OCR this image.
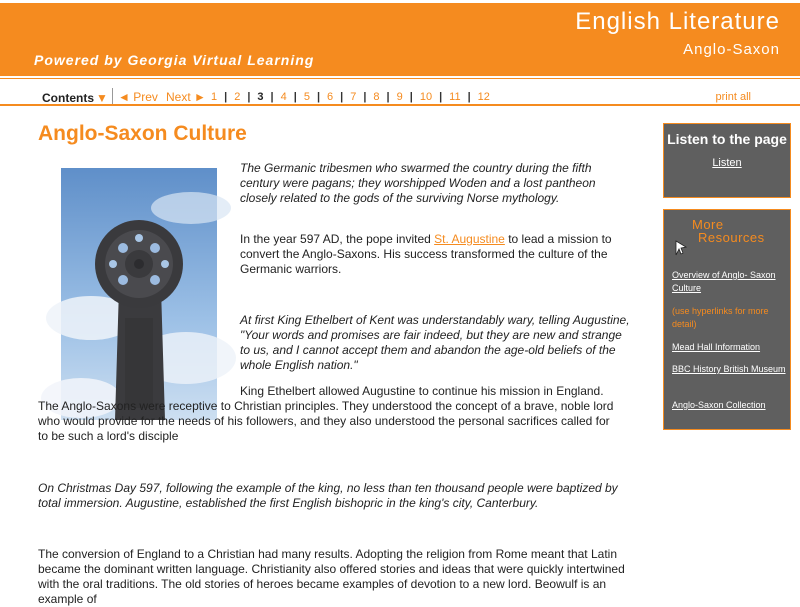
Powered by Georgia Virtual Learning
English Literature
Anglo-Saxon
Contents ▼ ◄ Prev Next ► 1 | 2 | 3 | 4 | 5 | 6 | 7 | 8 | 9 | 10 | 11 | 12	print all
Anglo-Saxon Culture

The Germanic tribesmen who swarmed the country during the fifth century were pagans; they worshipped Woden and a lost pantheon closely related to the gods of the surviving Norse mythology.

In the year 597 AD, the pope invited St. Augustine to lead a mission to convert the Anglo-Saxons. His success transformed the culture of the Germanic warriors.

At first King Ethelbert of Kent was understandably wary, telling Augustine, "Your words and promises are fair indeed, but they are new and strange to us, and I cannot accept them and abandon the age-old beliefs of the whole English nation."

King Ethelbert allowed Augustine to continue his mission in England. The Anglo-Saxons were receptive to Christian principles. They understood the concept of a brave, noble lord who would provide for the needs of his followers, and they also understood the personal sacrifices called for to be such a lord's disciple

On Christmas Day 597, following the example of the king, no less than ten thousand people were baptized by total immersion. Augustine, established the first English bishopric in the king's city, Canterbury.

The conversion of England to a Christian had many results. Adopting the religion from Rome meant that Latin became the dominant written language. Christianity also offered stories and ideas that were quickly intertwined with the oral traditions. The old stories of heroes became examples of devotion to a new lord. Beowulf is an example of

Listen to the page
Listen
More
Resources
Overview of Anglo- Saxon Culture
(use hyperlinks for more detail)
Mead Hall Information
BBC History British Museum
Anglo-Saxon Collection
